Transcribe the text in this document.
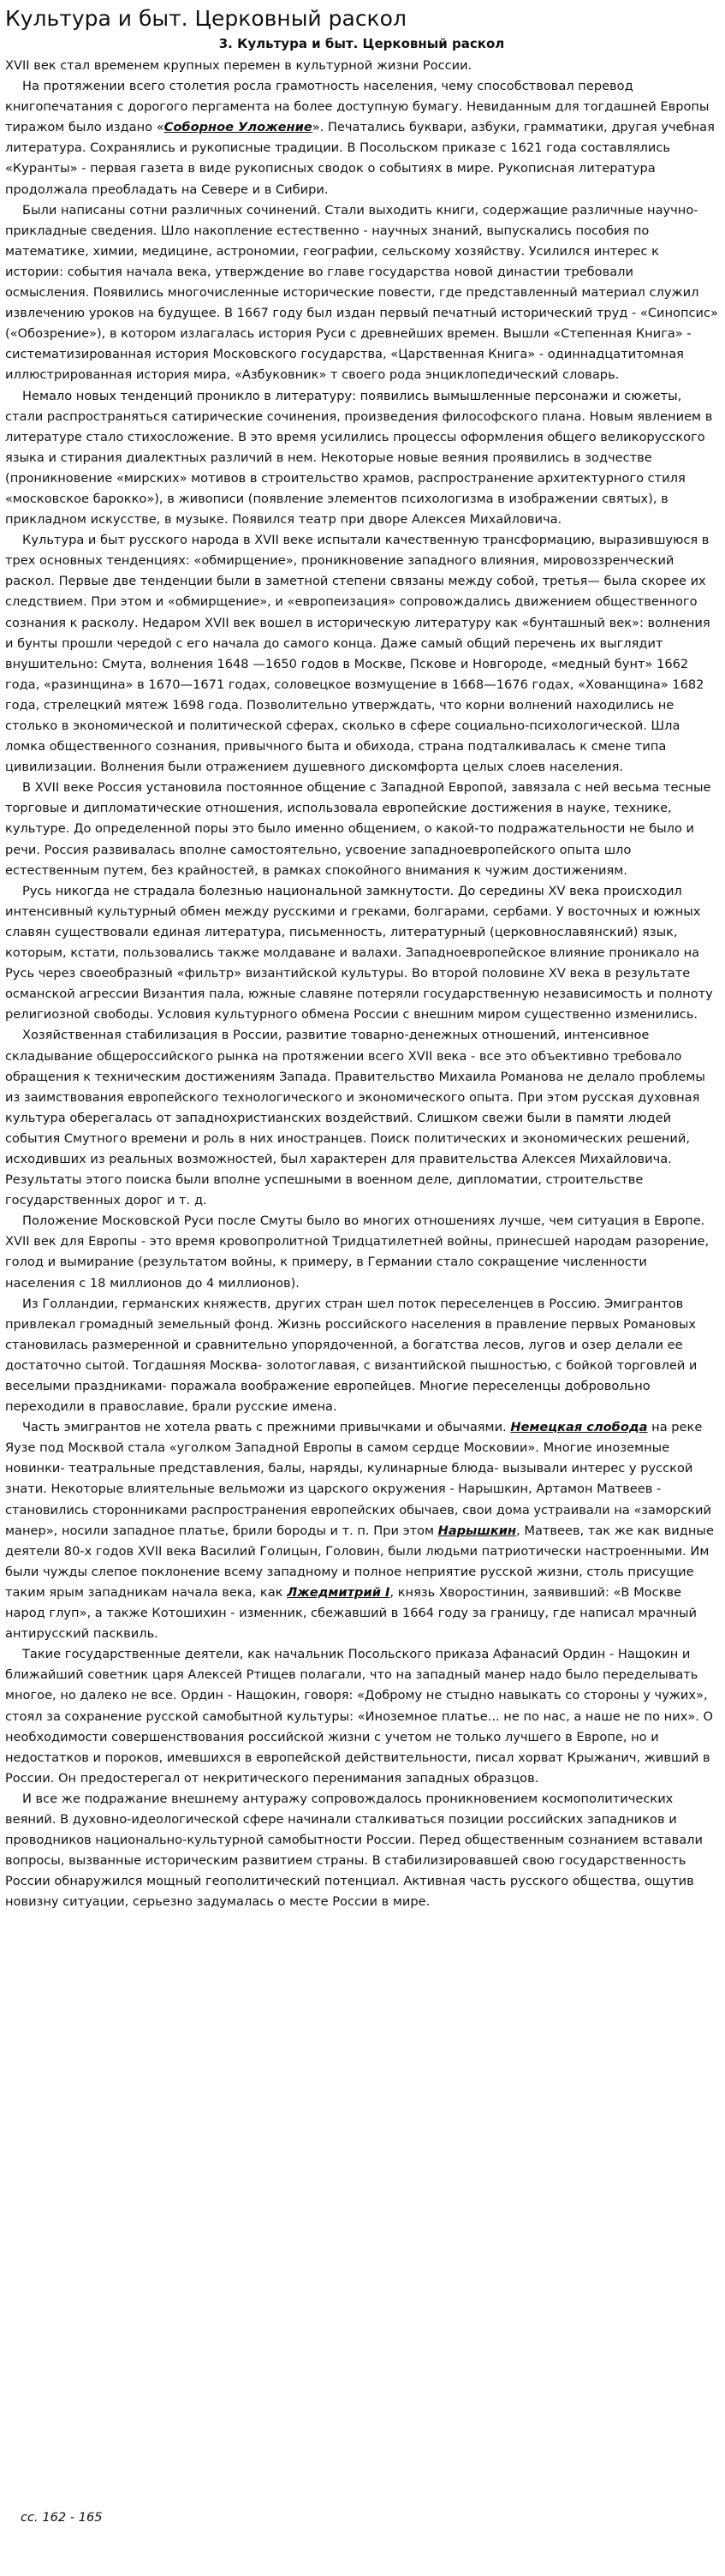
Культура и быт. Церковный раскол
3. Культура и быт. Церковный раскол

XVII век стал временем крупных перемен в культурной жизни России.

На протяжении всего столетия росла грамотность населения, чему способствовал перевод книгопечатания с дорогого пергамента на более доступную бумагу. Невиданным для тогдашней Европы тиражом было издано «Соборное Уложение». Печатались буквари, азбуки, грамматики, другая учебная литература. Сохранялись и рукописные традиции. В Посольском приказе с 1621 года составлялись «Куранты» - первая газета в виде рукописных сводок о событиях в мире. Рукописная литература продолжала преобладать на Севере и в Сибири.

Были написаны сотни различных сочинений. Стали выходить книги, содержащие различные научно-прикладные сведения. Шло накопление естественно - научных знаний, выпускались пособия по математике, химии, медицине, астрономии, географии, сельскому хозяйству. Усилился интерес к истории: события начала века, утверждение во главе государства новой династии требовали осмысления. Появились многочисленные исторические повести, где представленный материал служил извлечению уроков на будущее. В 1667 году был издан первый печатный исторический труд - «Синопсис» («Обозрение»), в котором излагалась история Руси с древнейших времен. Вышли «Степенная Книга» - систематизированная история Московского государства, «Царственная Книга» - одиннадцатитомная иллюстрированная история мира, «Азбуковник» т своего рода энциклопедический словарь.

Немало новых тенденций проникло в литературу: появились вымышленные персонажи и сюжеты, стали распространяться сатирические сочинения, произведения философского плана. Новым явлением в литературе стало стихосложение. В это время усилились процессы оформления общего великорусского языка и стирания диалектных различий в нем. Некоторые новые веяния проявились в зодчестве (проникновение «мирских» мотивов в строительство храмов, распространение архитектурного стиля «московское барокко»), в живописи (появление элементов психологизма в изображении святых), в прикладном искусстве, в музыке. Появился театр при дворе Алексея Михайловича.

Культура и быт русского народа в XVII веке испытали качественную трансформацию, выразившуюся в трех основных тенденциях: «обмирщение», проникновение западного влияния, мировоззренческий раскол. Первые две тенденции были в заметной степени связаны между собой, третья— была скорее их следствием. При этом и «обмирщение», и «европеизация» сопровождались движением общественного сознания к расколу. Недаром XVII век вошел в историческую литературу как «бунташный век»: волнения и бунты прошли чередой с его начала до самого конца. Даже самый общий перечень их выглядит внушительно: Смута, волнения 1648 —1650 годов в Москве, Пскове и Новгороде, «медный бунт» 1662 года, «разинщина» в 1670—1671 годах, соловецкое возмущение в 1668—1676 годах, «Хованщина» 1682 года, стрелецкий мятеж 1698 года. Позволительно утверждать, что корни волнений находились не столько в экономической и политической сферах, сколько в сфере социально-психологической. Шла ломка общественного сознания, привычного быта и обихода, страна подталкивалась к смене типа цивилизации. Волнения были отражением душевного дискомфорта целых слоев населения.

В XVII веке Россия установила постоянное общение с Западной Европой, завязала с ней весьма тесные торговые и дипломатические отношения, использовала европейские достижения в науке, технике, культуре. До определенной поры это было именно общением, о какой-то подражательности не было и речи. Россия развивалась вполне самостоятельно, усвоение западноевропейского опыта шло естественным путем, без крайностей, в рамках спокойного внимания к чужим достижениям.

Русь никогда не страдала болезнью национальной замкнутости. До середины XV века происходил интенсивный культурный обмен между русскими и греками, болгарами, сербами. У восточных и южных славян существовали единая литература, письменность, литературный (церковнославянский) язык, которым, кстати, пользовались также молдаване и валахи. Западноевропейское влияние проникало на Русь через своеобразный «фильтр» византийской культуры. Во второй половине XV века в результате османской агрессии Византия пала, южные славяне потеряли государственную независимость и полноту религиозной свободы. Условия культурного обмена России с внешним миром существенно изменились.

Хозяйственная стабилизация в России, развитие товарно-денежных отношений, интенсивное складывание общероссийского рынка на протяжении всего XVII века - все это объективно требовало обращения к техническим достижениям Запада. Правительство Михаила Романова не делало проблемы из заимствования европейского технологического и экономического опыта. При этом русская духовная культура оберегалась от западнохристианских воздействий. Слишком свежи были в памяти людей события Смутного времени и роль в них иностранцев. Поиск политических и экономических решений, исходивших из реальных возможностей, был характерен для правительства Алексея Михайловича. Результаты этого поиска были вполне успешными в военном деле, дипломатии, строительстве государственных дорог и т. д.

Положение Московской Руси после Смуты было во многих отношениях лучше, чем ситуация в Европе. XVII век для Европы - это время кровопролитной Тридцатилетней войны, принесшей народам разорение, голод и вымирание (результатом войны, к примеру, в Германии стало сокращение численности населения с 18 миллионов до 4 миллионов).

Из Голландии, германских княжеств, других стран шел поток переселенцев в Россию. Эмигрантов привлекал громадный земельный фонд. Жизнь российского населения в правление первых Романовых становилась размеренной и сравнительно упорядоченной, а богатства лесов, лугов и озер делали ее достаточно сытой. Тогдашняя Москва- золотоглавая, с византийской пышностью, с бойкой торговлей и веселыми праздниками- поражала воображение европейцев. Многие переселенцы добровольно переходили в православие, брали русские имена.

Часть эмигрантов не хотела рвать с прежними привычками и обычаями. Немецкая слобода на реке Яузе под Москвой стала «уголком Западной Европы в самом сердце Московии». Многие иноземные новинки- театральные представления, балы, наряды, кулинарные блюда- вызывали интерес у русской знати. Некоторые влиятельные вельможи из царского окружения - Нарышкин, Артамон Матвеев - становились сторонниками распространения европейских обычаев, свои дома устраивали на «заморский манер», носили западное платье, брили бороды и т. п. При этом Нарышкин, Матвеев, так же как видные деятели 80-х годов XVII века Василий Голицын, Головин, были людьми патриотически настроенными. Им были чужды слепое поклонение всему западному и полное неприятие русской жизни, столь присущие таким ярым западникам начала века, как Лжедмитрий I, князь Хворостинин, заявивший: «В Москве народ глуп», а также Котошихин - изменник, сбежавший в 1664 году за границу, где написал мрачный антирусский пасквиль.

Такие государственные деятели, как начальник Посольского приказа Афанасий Ордин - Нащокин и ближайший советник царя Алексей Ртищев полагали, что на западный манер надо было переделывать многое, но далеко не все. Ордин - Нащокин, говоря: «Доброму не стыдно навыкать со стороны у чужих», стоял за сохранение русской самобытной культуры: «Иноземное платье... не по нас, а наше не по них». О необходимости совершенствования российской жизни с учетом не только лучшего в Европе, но и недостатков и пороков, имевшихся в европейской действительности, писал хорват Крыжанич, живший в России. Он предостерегал от некритического перенимания западных образцов.

И все же подражание внешнему антуражу сопровождалось проникновением космополитических веяний. В духовно-идеологической сфере начинали сталкиваться позиции российских западников и проводников национально-культурной самобытности России. Перед общественным сознанием вставали вопросы, вызванные историческим развитием страны. В стабилизировавшей свою государственность России обнаружился мощный геополитический потенциал. Активная часть русского общества, ощутив новизну ситуации, серьезно задумалась о месте России в мире.

сс. 162 - 165
